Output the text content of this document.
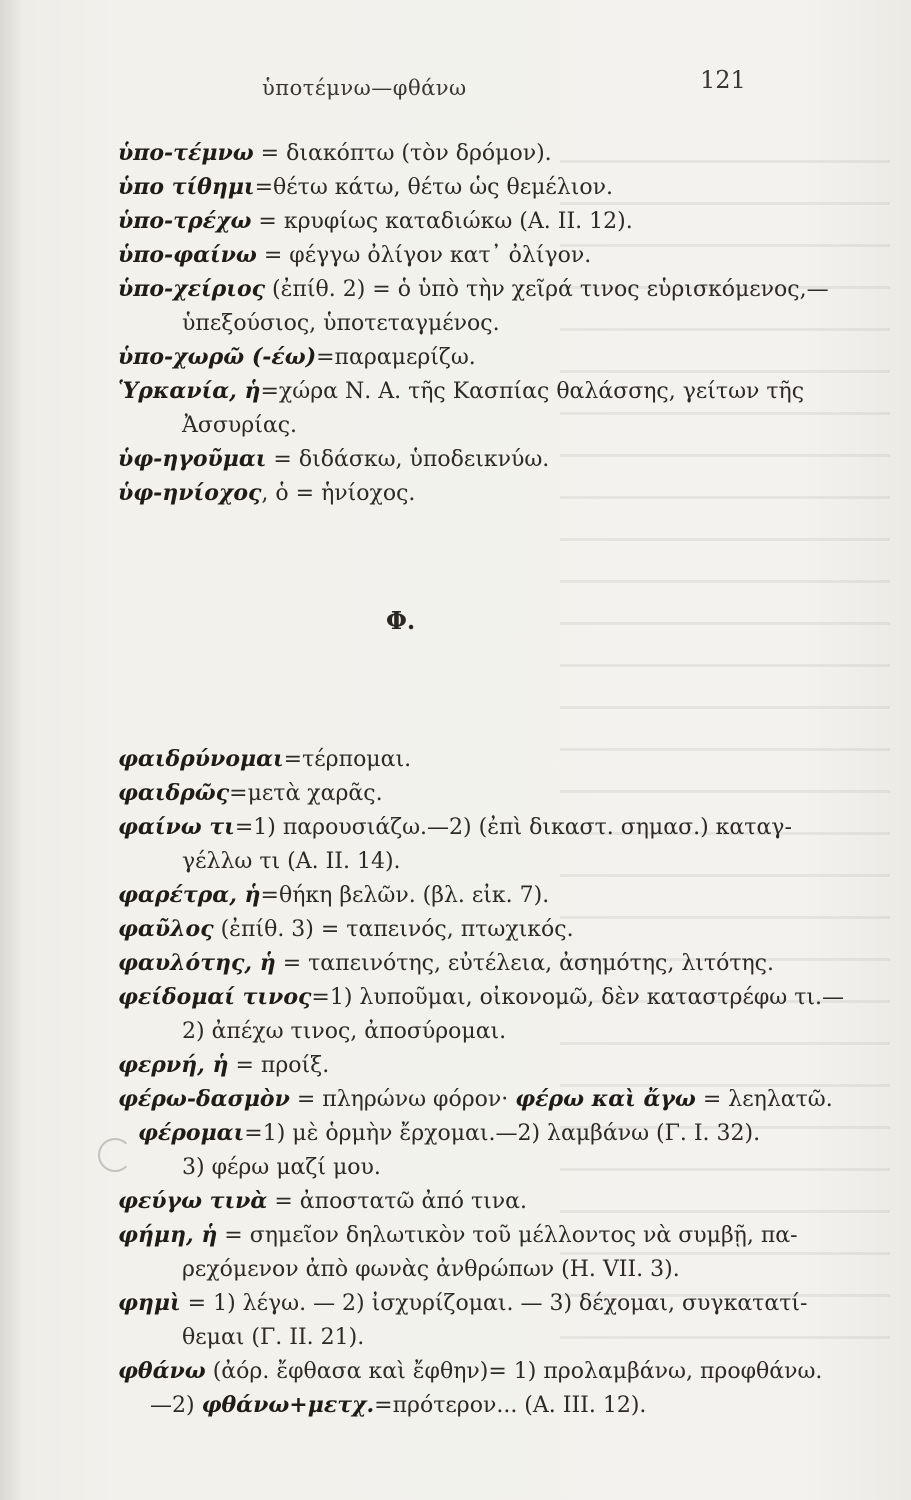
ὑποτέμνω—φθάνω	121
ὑπο-τέμνω = διακόπτω (τὸν δρόμον).
ὑπο τίθημι=θέτω κάτω, θέτω ὡς θεμέλιον.
ὑπο-τρέχω = κρυφίως καταδιώκω (Α. ΙΙ. 12).
ὑπο-φαίνω = φέγγω ὀλίγον κατ᾽ ὀλίγον.
ὑπο-χείριος (ἐπίθ. 2) = ὁ ὑπὸ τὴν χεῖρά τινος εὑρισκόμενος,—
ὑπεξούσιος, ὑποτεταγμένος.
ὑπο-χωρῶ (-έω)=παραμερίζω.
Ὑρκανία, ἡ=χώρα Ν. Α. τῆς Κασπίας θαλάσσης, γείτων τῆς
Ἀσσυρίας.
ὑφ-ηγοῦμαι = διδάσκω, ὑποδεικνύω.
ὑφ-ηνίοχος, ὁ = ἡνίοχος.
Φ.
φαιδρύνομαι=τέρπομαι.
φαιδρῶς=μετὰ χαρᾶς.
φαίνω τι=1) παρουσιάζω.—2) (ἐπὶ δικαστ. σημασ.) καταγ-
γέλλω τι (Α. ΙΙ. 14).
φαρέτρα, ἡ=θήκη βελῶν. (βλ. εἰκ. 7).
φαῦλος (ἐπίθ. 3) = ταπεινός, πτωχικός.
φαυλότης, ἡ = ταπεινότης, εὐτέλεια, ἀσημότης, λιτότης.
φείδομαί τινος=1) λυποῦμαι, οἰκονομῶ, δὲν καταστρέφω τι.—
2) ἀπέχω τινος, ἀποσύρομαι.
φερνή, ἡ = προίξ.
φέρω-δασμὸν = πληρώνω φόρον· φέρω καὶ ἄγω = λεηλατῶ.
φέρομαι=1) μὲ ὁρμὴν ἔρχομαι.—2) λαμβάνω (Γ. Ι. 32).
3) φέρω μαζί μου.
φεύγω τινὰ = ἀποστατῶ ἀπό τινα.
φήμη, ἡ = σημεῖον δηλωτικὸν τοῦ μέλλοντος νὰ συμβῇ, πα-
ρεχόμενον ἀπὸ φωνὰς ἀνθρώπων (Η. VII. 3).
φημὶ = 1) λέγω. — 2) ἰσχυρίζομαι. — 3) δέχομαι, συγκατατί-
θεμαι (Γ. ΙΙ. 21).
φθάνω (ἀόρ. ἔφθασα καὶ ἔφθην)= 1) προλαμβάνω, προφθάνω.
—2) φθάνω+μετχ.=πρότερον... (Α. ΙΙΙ. 12).
